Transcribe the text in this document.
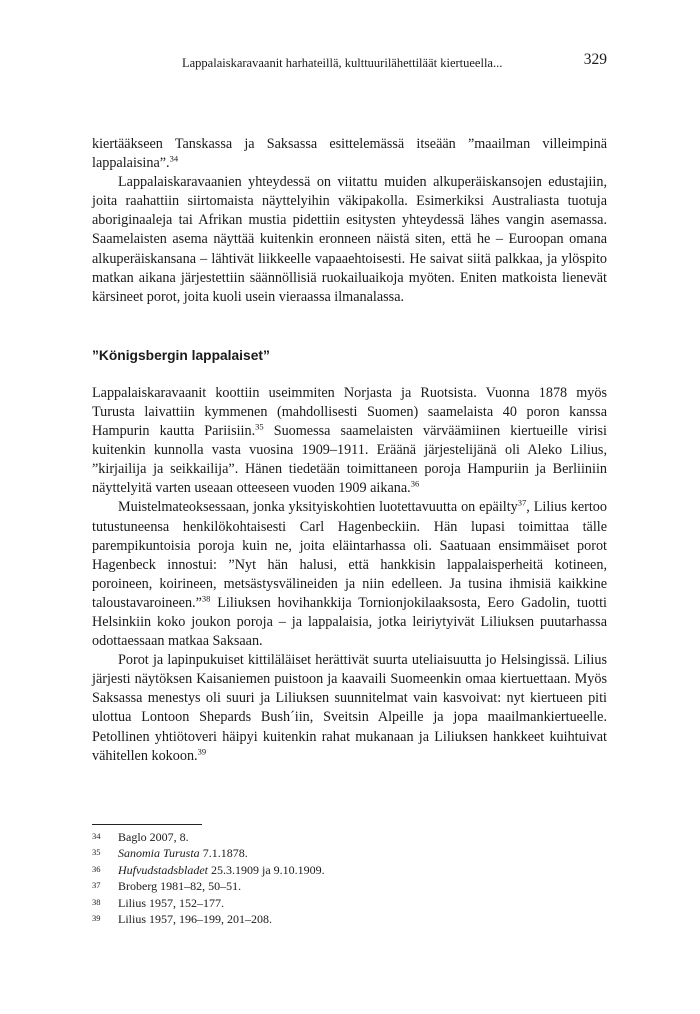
Lappalaiskaravaanit harhateillä, kulttuurilähettiläät kiertueella...	329

kiertääkseen Tanskassa ja Saksassa esittelemässä itseään ”maailman villeimpinä lappalaisina”.$^{34}$

Lappalaiskaravaanien yhteydessä on viitattu muiden alkuperäiskansojen edustajiin, joita raahattiin siirtomaista näyttelyihin väkipakolla. Esimerkiksi Australiasta tuotuja aboriginaaleja tai Afrikan mustia pidettiin esitysten yhteydessä lähes vangin asemassa. Saamelaisten asema näyttää kuitenkin eronneen näistä siten, että he – Euroopan omana alkuperäiskansana – lähtivät liikkeelle vapaaehtoisesti. He saivat siitä palkkaa, ja ylöspito matkan aikana järjestettiin säännöllisiä ruokailuaikoja myöten. Eniten matkoista lienevät kärsineet porot, joita kuoli usein vieraassa ilmanalassa.

”Königsbergin lappalaiset”

Lappalaiskaravaanit koottiin useimmiten Norjasta ja Ruotsista. Vuonna 1878 myös Turusta laivattiin kymmenen (mahdollisesti Suomen) saamelaista 40 poron kanssa Hampurin kautta Pariisiin.$^{35}$ Suomessa saamelaisten värväämiinen kiertueille virisi kuitenkin kunnolla vasta vuosina 1909–1911. Eräänä järjestelijänä oli Aleko Lilius, ”kirjailija ja seikkailija”. Hänen tiedetään toimittaneen poroja Hampuriin ja Berliiniin näyttelyitä varten useaan otteeseen vuoden 1909 aikana.$^{36}$

Muistelmateoksessaan, jonka yksityiskohtien luotettavuutta on epäilty$^{37}$, Lilius kertoo tutustuneensa henkilökohtaisesti Carl Hagenbeckiin. Hän lupasi toimittaa tälle parempikuntoisia poroja kuin ne, joita eläintarhassa oli. Saatuaan ensimmäiset porot Hagenbeck innostui: ”Nyt hän halusi, että hankkisin lappalaisperheitä kotineen, poroineen, koirineen, metsästysvälineiden ja niin edelleen. Ja tusina ihmisiä kaikkine taloustavaroineen.”$^{38}$ Liliuksen hovihankkija Tornionjokilaaksosta, Eero Gadolin, tuotti Helsinkiin koko joukon poroja – ja lappalaisia, jotka leiriytyivät Liliuksen puutarhassa odottaessaan matkaa Saksaan.

Porot ja lapinpukuiset kittiläläiset herättivät suurta uteliaisuutta jo Helsingissä. Lilius järjesti näytöksen Kaisaniemen puistoon ja kaavaili Suomeenkin omaa kiertuettaan. Myös Saksassa menestys oli suuri ja Liliuksen suunnitelmat vain kasvoivat: nyt kiertueen piti ulottua Lontoon Shepards Bush´iin, Sveitsin Alpeille ja jopa maailmankiertueelle. Petollinen yhtiötoveri häipyi kuitenkin rahat mukanaan ja Liliuksen hankkeet kuihtuivat vähitellen kokoon.$^{39}$

34	Baglo 2007, 8.
35	Sanomia Turusta 7.1.1878.
36	Hufvudstadsbladet 25.3.1909 ja 9.10.1909.
37	Broberg 1981–82, 50–51.
38	Lilius 1957, 152–177.
39	Lilius 1957, 196–199, 201–208.
